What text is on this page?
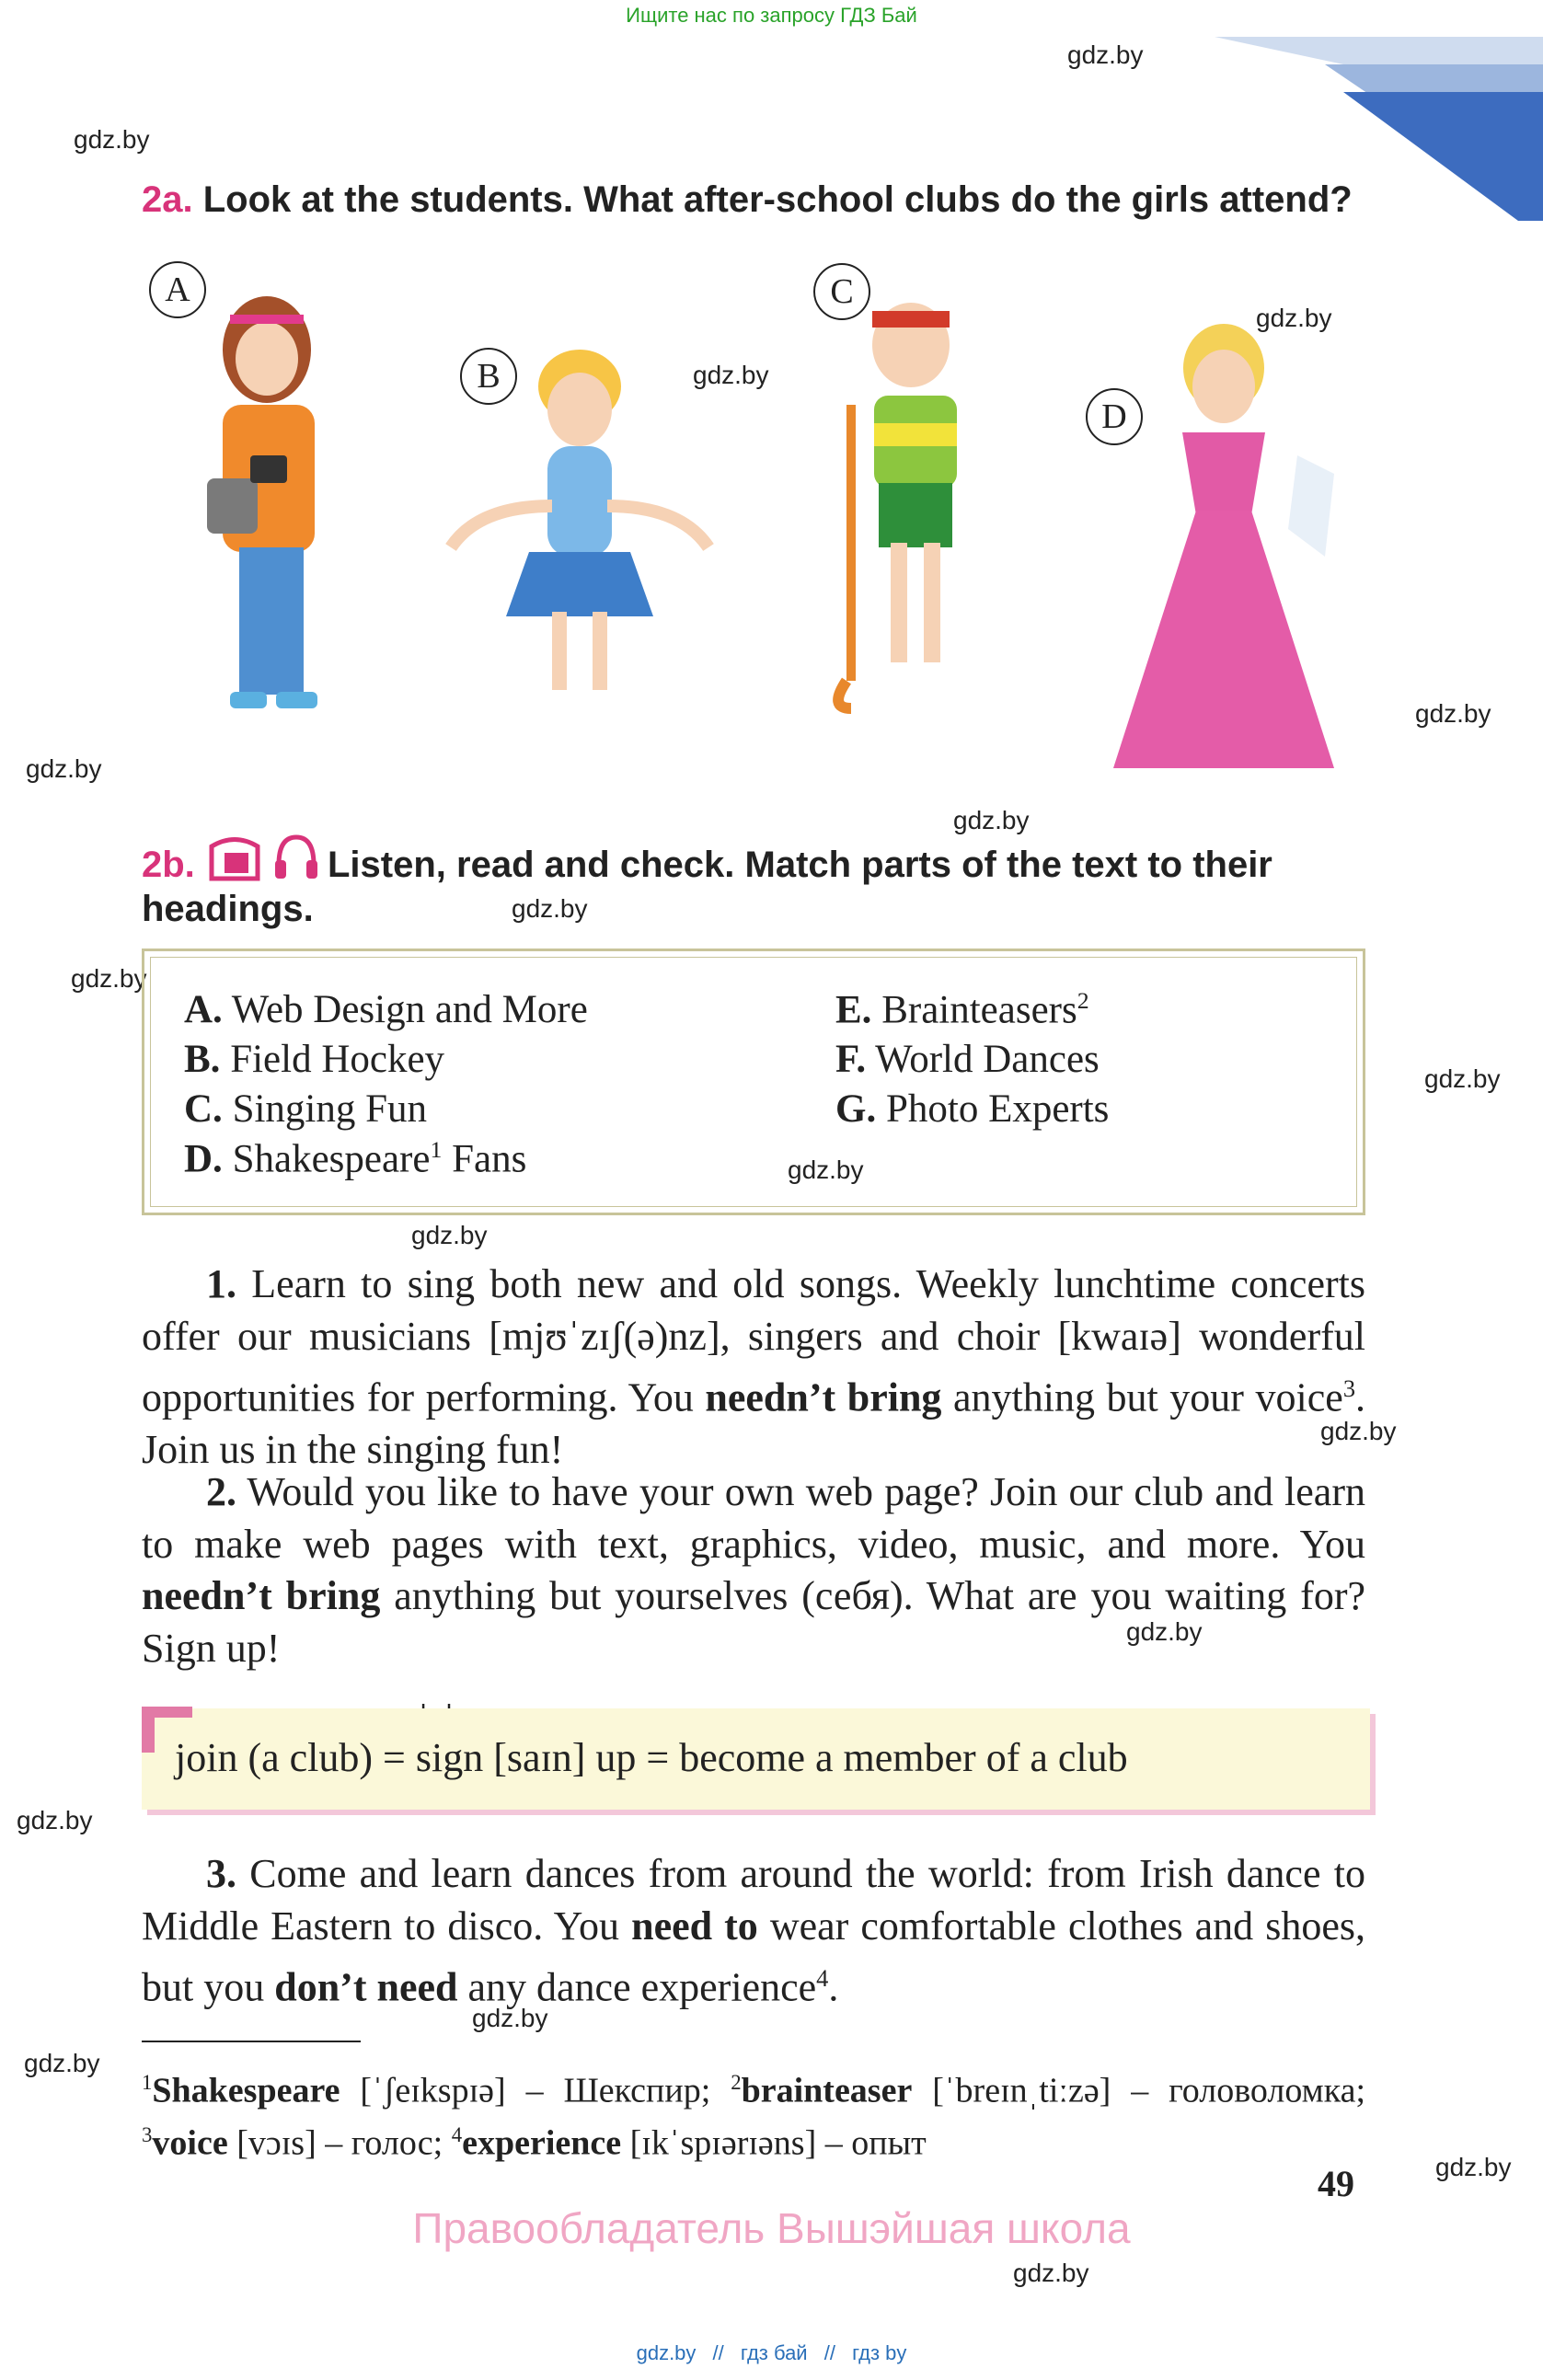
Ищите нас по запросу ГДЗ Бай
gdz.by
gdz.by
gdz.by
gdz.by
gdz.by
gdz.by
gdz.by
gdz.by
gdz.by
gdz.by
gdz.by
gdz.by
gdz.by
gdz.by
gdz.by
gdz.by
gdz.by
gdz.by
gdz.by
2a. Look at the students. What after-school clubs do the girls attend?
A
B
C
D
2b.	Listen, read and check. Match parts of the text to their
headings.
A. Web Design and More
B. Field Hockey
C. Singing Fun
D. Shakespeare$^1$ Fans
E. Brainteasers$^2$
F. World Dances
G. Photo Experts
1. Learn to sing both new and old songs. Weekly lunchtime concerts offer our musicians [mjʊˈzɪʃ(ə)nz], singers and choir [kwaɪə] wonderful opportunities for performing. You needn’t bring anything but your voice$^3$. Join us in the singing fun!
2. Would you like to have your own web page? Join our club and learn to make web pages with text, graphics, video, music, and more. You needn’t bring anything but yourselves (себя). What are you waiting for? Sign up!
join (a club) = sign [saɪn] up = become a member of a club
3. Come and learn dances from around the world: from Irish dance to Middle Eastern to disco. You need to wear comfortable clothes and shoes, but you don’t need any dance experience$^4$.
$^1$Shakespeare [ˈʃeɪkspɪə] – Шекспир; $^2$brainteaser [ˈbreɪnˌtiːzə] – головоломка; $^3$voice [vɔɪs] – голос; $^4$experience [ɪkˈspɪərɪəns] – опыт
49
Правообладатель Вышэйшая школа
gdz.by // гдз бай // гдз by
